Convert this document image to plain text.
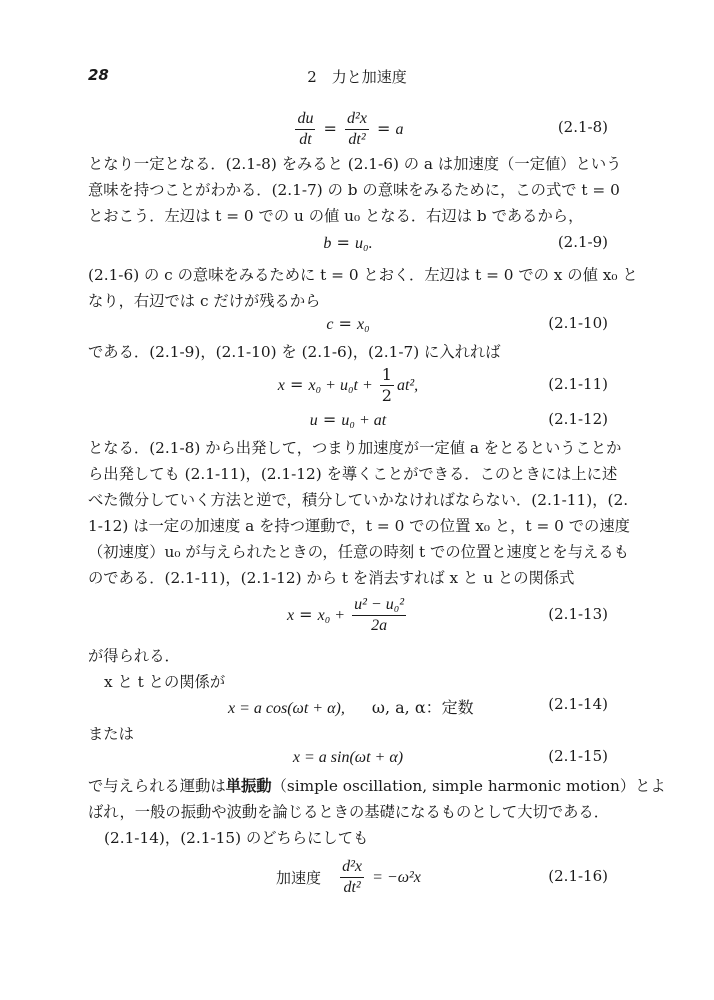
28	2　力と加速度
$\frac{du}{dt} = \frac{\text{d²x}}{\text{dt²}} = a$	(2.1-8)
となり一定となる．(2.1-8) をみると (2.1-6) の a は加速度（一定値）という
意味を持つことがわかる．(2.1-7) の b の意味をみるために，この式で t = 0
とおこう．左辺は t = 0 での u の値 u₀ となる．右辺は b であるから，
b = u₀.	(2.1-9)
(2.1-6) の c の意味をみるために t = 0 とおく．左辺は t = 0 での x の値 x₀ と
なり，右辺では c だけが残るから
c = x₀	(2.1-10)
である．(2.1-9)，(2.1-10) を (2.1-6)，(2.1-7) に入れれば
$x = x_0 + u_0t + \frac{1}{2} at^2$,	(2.1-11)
u = u₀ + at	(2.1-12)
となる．(2.1-8) から出発して，つまり加速度が一定値 a をとるということか
ら出発しても (2.1-11)，(2.1-12) を導くことができる．このときには上に述
べた微分していく方法と逆で，積分していかなければならない．(2.1-11)，(2.
1-12) は一定の加速度 a を持つ運動で，t = 0 での位置 x₀ と，t = 0 での速度
（初速度）u₀ が与えられたときの，任意の時刻 t での位置と速度とを与えるも
のである．(2.1-11)，(2.1-12) から t を消去すれば x と u との関係式
$x = x_0 + \frac{\text{u² − u₀²}}{2a}$	(2.1-13)
が得られる．
x と t との関係が
x = a cos(ωt + α), ω, a, α：定数	(2.1-14)
または
x = a sin(ωt + α)	(2.1-15)
で与えられる運動は単振動（simple oscillation, simple harmonic motion）とよ
ばれ，一般の振動や波動を論じるときの基礎になるものとして大切である．
(2.1-14)，(2.1-15) のどちらにしても
加速度 $\frac{\text{d²x}}{\text{dt²}} = -\omega^2x$	(2.1-16)
